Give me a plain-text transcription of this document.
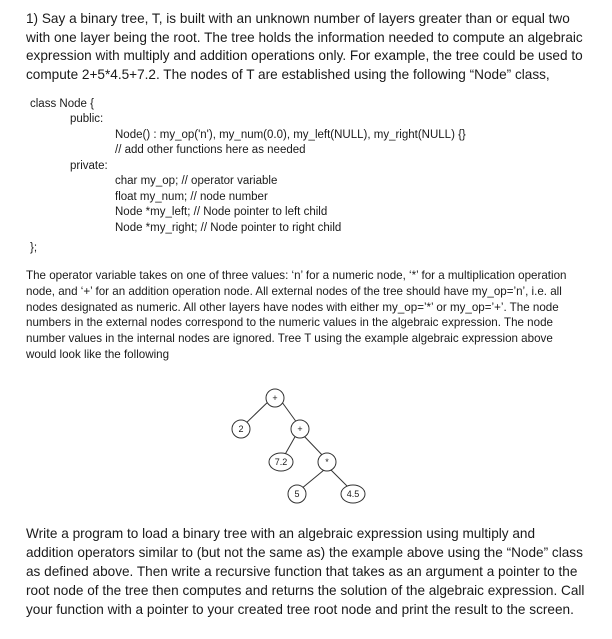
1) Say a binary tree, T, is built with an unknown number of layers greater than or equal two with one layer being the root. The tree holds the information needed to compute an algebraic expression with multiply and addition operations only. For example, the tree could be used to compute 2+5*4.5+7.2. The nodes of T are established using the following “Node” class,

class Node {
public:
Node() : my_op('n'), my_num(0.0), my_left(NULL), my_right(NULL) {}
// add other functions here as needed
private:
char my_op; // operator variable
float my_num; // node number
Node *my_left; // Node pointer to left child
Node *my_right; // Node pointer to right child
};

The operator variable takes on one of three values: ‘n’ for a numeric node, ‘*’ for a multiplication operation node, and ‘+’ for an addition operation node. All external nodes of the tree should have my_op=’n’, i.e. all nodes designated as numeric. All other layers have nodes with either my_op=’*’ or my_op=’+’. The node numbers in the external nodes correspond to the numeric values in the algebraic expression. The node number values in the internal nodes are ignored. Tree T using the example algebraic expression above would look like the following

+
2	+
7.2	*
5	4.5

Write a program to load a binary tree with an algebraic expression using multiply and addition operators similar to (but not the same as) the example above using the “Node” class as defined above. Then write a recursive function that takes as an argument a pointer to the root node of the tree then computes and returns the solution of the algebraic expression. Call your function with a pointer to your created tree root node and print the result to the screen.
